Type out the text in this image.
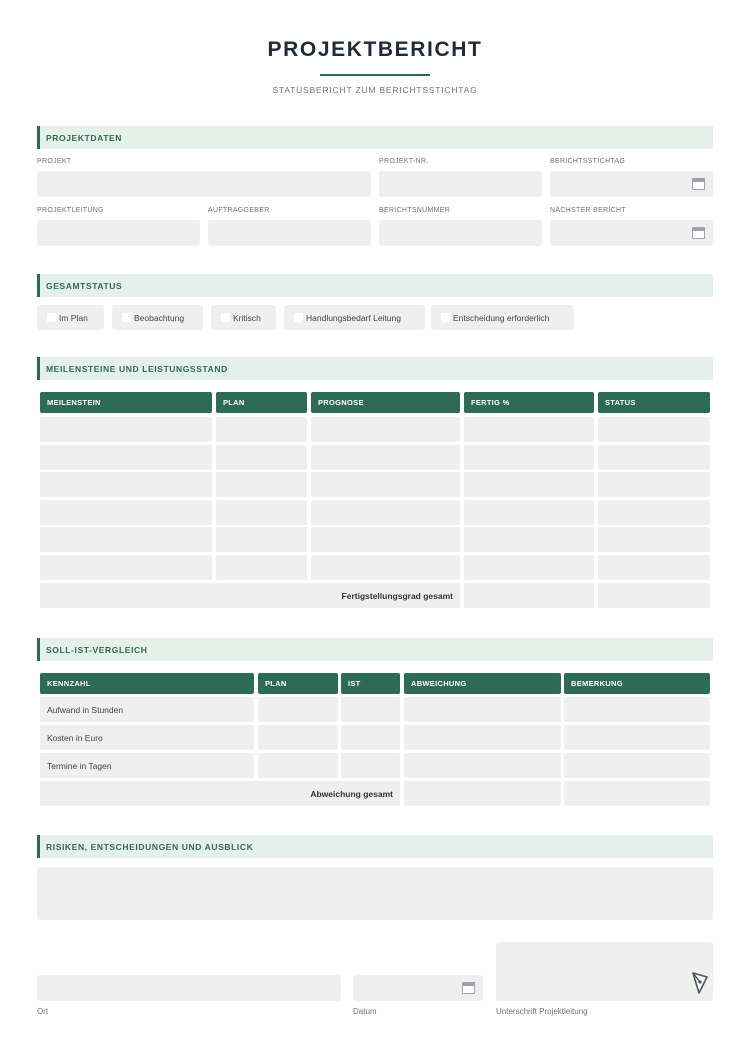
PROJEKTBERICHT
STATUSBERICHT ZUM BERICHTSSTICHTAG
PROJEKTDATEN
PROJEKT	PROJEKT-NR.	BERICHTSSTICHTAG
PROJEKTLEITUNG	AUFTRAGGEBER	BERICHTSNUMMER	NÄCHSTER BERICHT
GESAMTSTATUS
Im Plan	Beobachtung	Kritisch	Handlungsbedarf Leitung	Entscheidung erforderlich
MEILENSTEINE UND LEISTUNGSSTAND
MEILENSTEIN	PLAN	PROGNOSE	FERTIG %	STATUS
Fertigstellungsgrad gesamt
SOLL-IST-VERGLEICH
KENNZAHL	PLAN	IST	ABWEICHUNG	BEMERKUNG
Aufwand in Stunden
Kosten in Euro
Termine in Tagen
Abweichung gesamt
RISIKEN, ENTSCHEIDUNGEN UND AUSBLICK
Ort	Datum	Unterschrift Projektleitung
